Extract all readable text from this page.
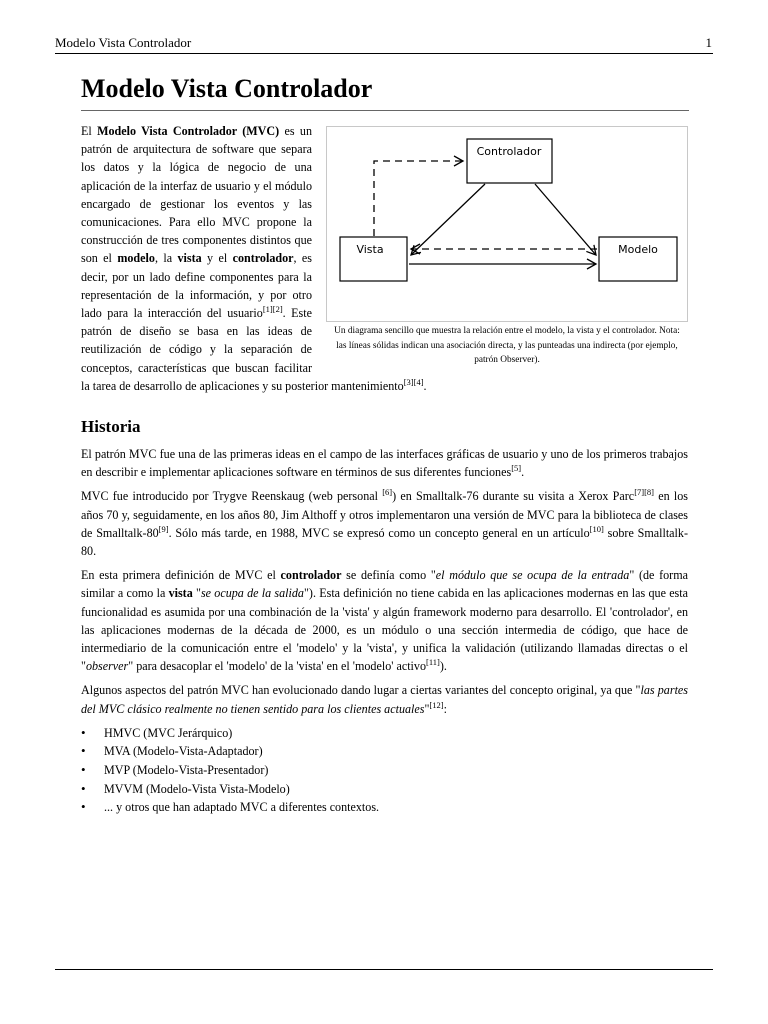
Modelo Vista Controlador	1
Modelo Vista Controlador
Controlador
Vista	Modelo
Un diagrama sencillo que muestra la relación entre el modelo, la vista y el controlador. Nota: las líneas sólidas indican una asociación directa, y las punteadas una indirecta (por ejemplo, patrón Observer).

El Modelo Vista Controlador (MVC) es un patrón de arquitectura de software que separa los datos y la lógica de negocio de una aplicación de la interfaz de usuario y el módulo encargado de gestionar los eventos y las comunicaciones. Para ello MVC propone la construcción de tres componentes distintos que son el modelo, la vista y el controlador, es decir, por un lado define componentes para la representación de la información, y por otro lado para la interacción del usuario[1][2]. Este patrón de diseño se basa en las ideas de reutilización de código y la separación de conceptos, características que buscan facilitar la tarea de desarrollo de aplicaciones y su posterior mantenimiento[3][4].

Historia

El patrón MVC fue una de las primeras ideas en el campo de las interfaces gráficas de usuario y uno de los primeros trabajos en describir e implementar aplicaciones software en términos de sus diferentes funciones[5].

MVC fue introducido por Trygve Reenskaug (web personal [6]) en Smalltalk-76 durante su visita a Xerox Parc[7][8] en los años 70 y, seguidamente, en los años 80, Jim Althoff y otros implementaron una versión de MVC para la biblioteca de clases de Smalltalk-80[9]. Sólo más tarde, en 1988, MVC se expresó como un concepto general en un artículo[10] sobre Smalltalk-80.

En esta primera definición de MVC el controlador se definía como "el módulo que se ocupa de la entrada" (de forma similar a como la vista "se ocupa de la salida"). Esta definición no tiene cabida en las aplicaciones modernas en las que esta funcionalidad es asumida por una combinación de la 'vista' y algún framework moderno para desarrollo. El 'controlador', en las aplicaciones modernas de la década de 2000, es un módulo o una sección intermedia de código, que hace de intermediario de la comunicación entre el 'modelo' y la 'vista', y unifica la validación (utilizando llamadas directas o el "observer" para desacoplar el 'modelo' de la 'vista' en el 'modelo' activo[11]).

Algunos aspectos del patrón MVC han evolucionado dando lugar a ciertas variantes del concepto original, ya que "las partes del MVC clásico realmente no tienen sentido para los clientes actuales"[12]:

• HMVC (MVC Jerárquico)
• MVA (Modelo-Vista-Adaptador)
• MVP (Modelo-Vista-Presentador)
• MVVM (Modelo-Vista Vista-Modelo)
• ... y otros que han adaptado MVC a diferentes contextos.
